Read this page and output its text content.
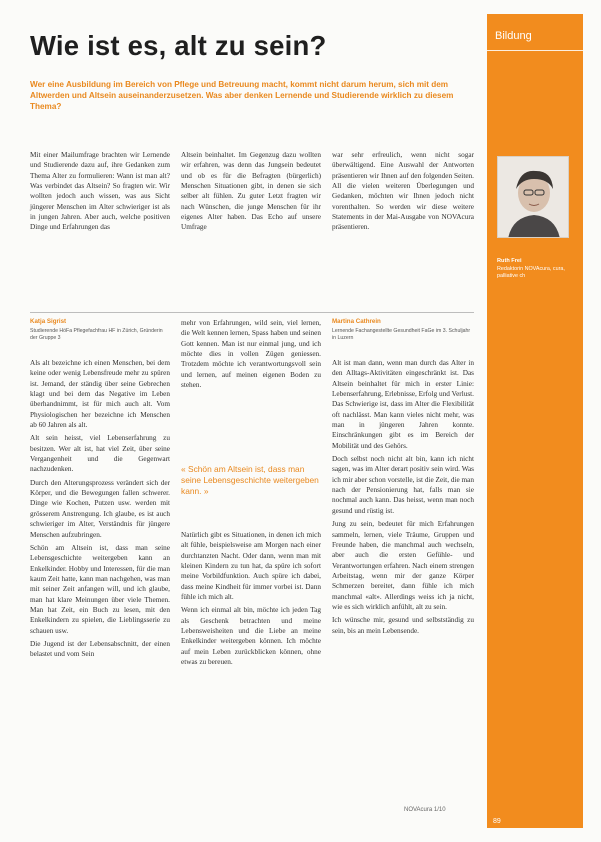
Bildung
Ruth Frei
Redaktorin NOVAcura, cura, palliative ch
89
Wie ist es, alt zu sein?
Wer eine Ausbildung im Bereich von Pflege und Betreuung macht, kommt nicht darum herum, sich mit dem Altwerden und Altsein auseinanderzusetzen. Was aber denken Lernende und Studierende wirklich zu diesem Thema?

Mit einer Mailumfrage brachten wir Lernende und Studierende dazu auf, ihre Gedanken zum Thema Alter zu formulieren: Wann ist man alt? Was verbindet das Altsein? So fragten wir. Wir wollten jedoch auch wissen, was aus Sicht jüngerer Menschen im Alter schwieriger ist als in jungen Jahren. Aber auch, welche positiven Dinge und Erfahrungen das

Altsein beinhaltet. Im Gegenzug dazu wollten wir erfahren, was denn das Jungsein bedeutet und ob es für die Befragten (bürgerlich) Menschen Situationen gibt, in denen sie sich selber alt fühlen. Zu guter Letzt fragten wir nach Wünschen, die junge Menschen für ihr eigenes Alter haben. Das Echo auf unsere Umfrage

war sehr erfreulich, wenn nicht sogar überwältigend. Eine Auswahl der Antworten präsentieren wir Ihnen auf den folgenden Seiten. All die vielen weiteren Überlegungen und Gedanken, möchten wir Ihnen jedoch nicht vorenthalten. So werden wir diese weitere Statements in der Mai-Ausgabe von NOVAcura präsentieren.

Katja Sigrist
Studierende HöFa Pflegefachfrau HF in Zürich, Gründerin der Gruppe 3

Als alt bezeichne ich einen Menschen, bei dem keine oder wenig Lebensfreude mehr zu spüren ist. Jemand, der ständig über seine Gebrechen klagt und bei dem das Negative im Leben überhandnimmt, ist für mich auch alt. Vom Physiologischen her bezeichne ich Menschen ab 60 Jahren als alt.

Alt sein heisst, viel Lebenserfahrung zu besitzen. Wer alt ist, hat viel Zeit, über seine Vergangenheit und die Gegenwart nachzudenken.

Durch den Alterungsprozess verändert sich der Körper, und die Bewegungen fallen schwerer. Dinge wie Kochen, Putzen usw. werden mit grösserem Anstrengung. Ich glaube, es ist auch schwieriger im Alter, Verständnis für jüngere Menschen aufzubringen.

Schön am Altsein ist, dass man seine Lebensgeschichte weitergeben kann an Enkelkinder. Hobby und Interessen, für die man kaum Zeit hatte, kann man nachgehen, was man mit seiner Zeit anfangen will, und ich glaube, man hat klare Meinungen über viele Themen. Man hat Zeit, ein Buch zu lesen, mit den Enkelkindern zu spielen, die Lieblingsserie zu schauen usw.

Die Jugend ist der Lebensabschnitt, der einen belastet und vom Sein

mehr von Erfahrungen, wild sein, viel lernen, die Welt kennen lernen, Spass haben und seinen Gott kennen. Man ist nur einmal jung, und ich möchte dies in vollen Zügen geniessen. Trotzdem möchte ich verantwortungsvoll sein und lernen, auf meinen eigenen Boden zu stehen.

« Schön am Altsein ist, dass man seine Lebensgeschichte weitergeben kann. »

Natürlich gibt es Situationen, in denen ich mich alt fühle, beispielsweise am Morgen nach einer durchtanzten Nacht. Oder dann, wenn man mit kleinen Kindern zu tun hat, da spüre ich sofort meine Vorbildfunktion. Auch spüre ich dabei, dass meine Kindheit für immer vorbei ist. Dann fühle ich mich alt.

Wenn ich einmal alt bin, möchte ich jeden Tag als Geschenk betrachten und meine Lebensweisheiten und die Liebe an meine Enkelkinder weitergeben können. Ich möchte auf mein Leben zurückblicken können, ohne etwas zu bereuen.

Martina Cathrein
Lernende Fachangestellte Gesundheit FaGe im 3. Schuljahr in Luzern

Alt ist man dann, wenn man durch das Alter in den Alltags-Aktivitäten eingeschränkt ist. Das Altsein beinhaltet für mich in erster Linie: Lebenserfahrung, Erlebnisse, Erfolg und Verlust. Das Schwierige ist, dass im Alter die Flexibilität oft nachlässt. Man kann vieles nicht mehr, was man in jüngeren Jahren konnte. Einschränkungen gibt es im Bereich der Mobilität und des Gehörs.

Doch selbst noch nicht alt bin, kann ich nicht sagen, was im Alter derart positiv sein wird. Was ich mir aber schon vorstelle, ist die Zeit, die man nach der Pensionierung hat, falls man sie nochmal auch kann. Das heisst, wenn man noch gesund und rüstig ist.

Jung zu sein, bedeutet für mich Erfahrungen sammeln, lernen, viele Träume, Gruppen und Freunde haben, die manchmal auch wechseln, aber auch die ersten Gefühle- und Verantwortungen erfahren. Nach einem strengen Arbeitstag, wenn mir der ganze Körper Schmerzen bereitet, dann fühle ich mich manchmal «alt». Allerdings weiss ich ja nicht, wie es sich wirklich anfühlt, alt zu sein.

Ich wünsche mir, gesund und selbstständig zu sein, bis an mein Lebensende.

NOVAcura 1/10
